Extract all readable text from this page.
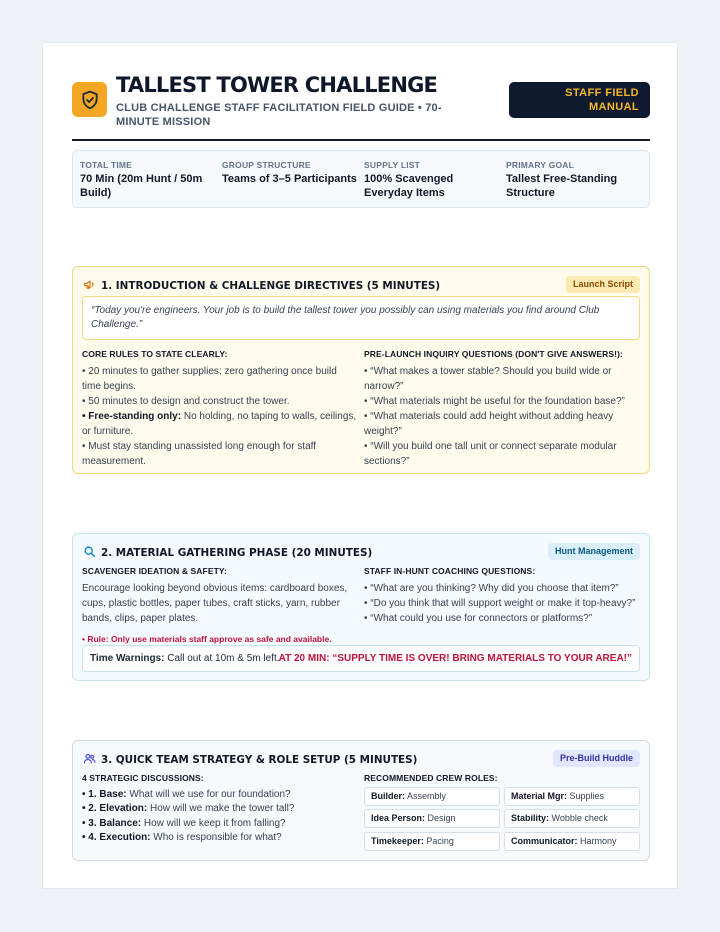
TALLEST TOWER CHALLENGE
CLUB CHALLENGE STAFF FACILITATION FIELD GUIDE • 70-MINUTE MISSION
STAFF FIELD
MANUAL
TOTAL TIME
70 Min (20m Hunt / 50m Build)
GROUP STRUCTURE
Teams of 3–5 Participants
SUPPLY LIST
100% Scavenged Everyday Items
PRIMARY GOAL
Tallest Free-Standing Structure
1. INTRODUCTION & CHALLENGE DIRECTIVES (5 MINUTES)	Launch Script
“Today you're engineers. Your job is to build the tallest tower you possibly can using materials you find around Club Challenge.”
CORE RULES TO STATE CLEARLY:
• 20 minutes to gather supplies; zero gathering once build time begins.
• 50 minutes to design and construct the tower.
• Free-standing only: No holding, no taping to walls, ceilings, or furniture.
• Must stay standing unassisted long enough for staff measurement.
PRE-LAUNCH INQUIRY QUESTIONS (DON'T GIVE ANSWERS!):
• “What makes a tower stable? Should you build wide or narrow?”
• “What materials might be useful for the foundation base?”
• “What materials could add height without adding heavy weight?”
• “Will you build one tall unit or connect separate modular sections?”
2. MATERIAL GATHERING PHASE (20 MINUTES)	Hunt Management
SCAVENGER IDEATION & SAFETY:
Encourage looking beyond obvious items: cardboard boxes, cups, plastic bottles, paper tubes, craft sticks, yarn, rubber bands, clips, paper plates.
• Rule: Only use materials staff approve as safe and available.
STAFF IN-HUNT COACHING QUESTIONS:
• “What are you thinking? Why did you choose that item?”
• “Do you think that will support weight or make it top-heavy?”
• “What could you use for connectors or platforms?”
Time Warnings: Call out at 10m & 5m left. AT 20 MIN: “SUPPLY TIME IS OVER! BRING MATERIALS TO YOUR AREA!”
3. QUICK TEAM STRATEGY & ROLE SETUP (5 MINUTES)	Pre-Build Huddle
4 STRATEGIC DISCUSSIONS:
• 1. Base: What will we use for our foundation?
• 2. Elevation: How will we make the tower tall?
• 3. Balance: How will we keep it from falling?
• 4. Execution: Who is responsible for what?
RECOMMENDED CREW ROLES:
Builder: Assembly	Material Mgr: Supplies
Idea Person: Design	Stability: Wobble check
Timekeeper: Pacing	Communicator: Harmony
